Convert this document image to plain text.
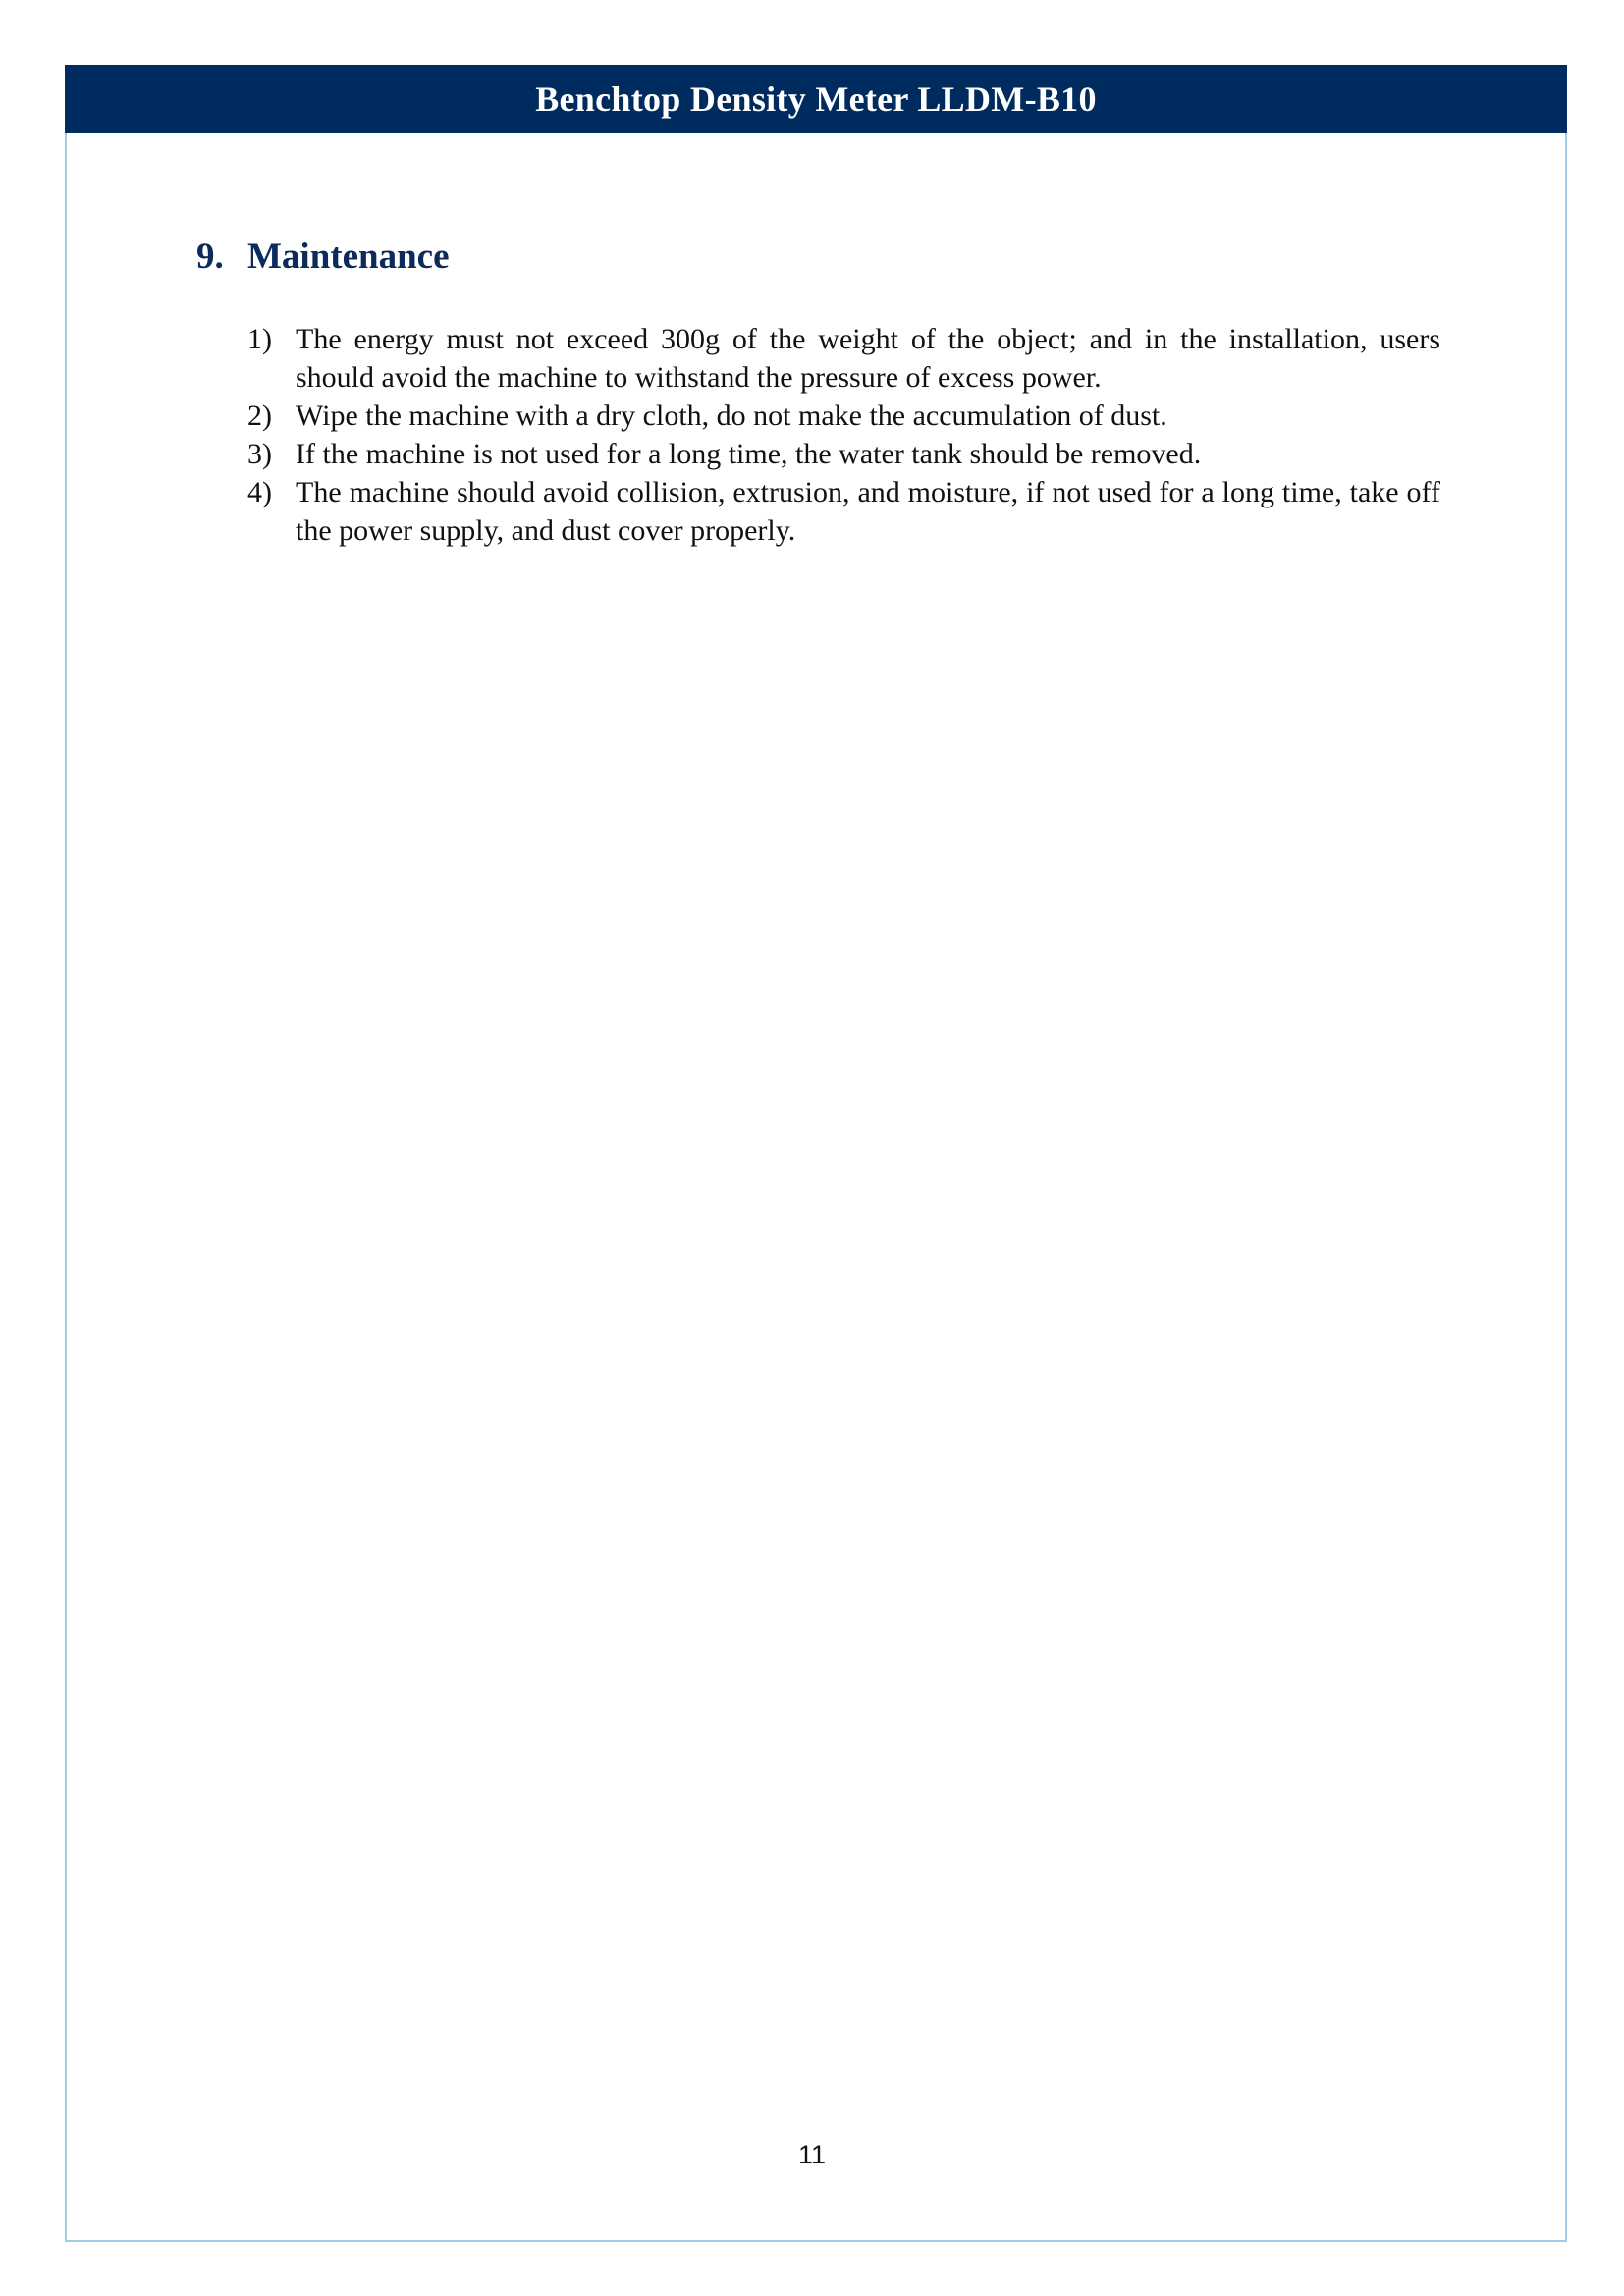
Benchtop Density Meter LLDM-B10
9. Maintenance
1) The energy must not exceed 300g of the weight of the object; and in the installation, users should avoid the machine to withstand the pressure of excess power.
2) Wipe the machine with a dry cloth, do not make the accumulation of dust.
3) If the machine is not used for a long time, the water tank should be removed.
4) The machine should avoid collision, extrusion, and moisture, if not used for a long time, take off the power supply, and dust cover properly.
11
